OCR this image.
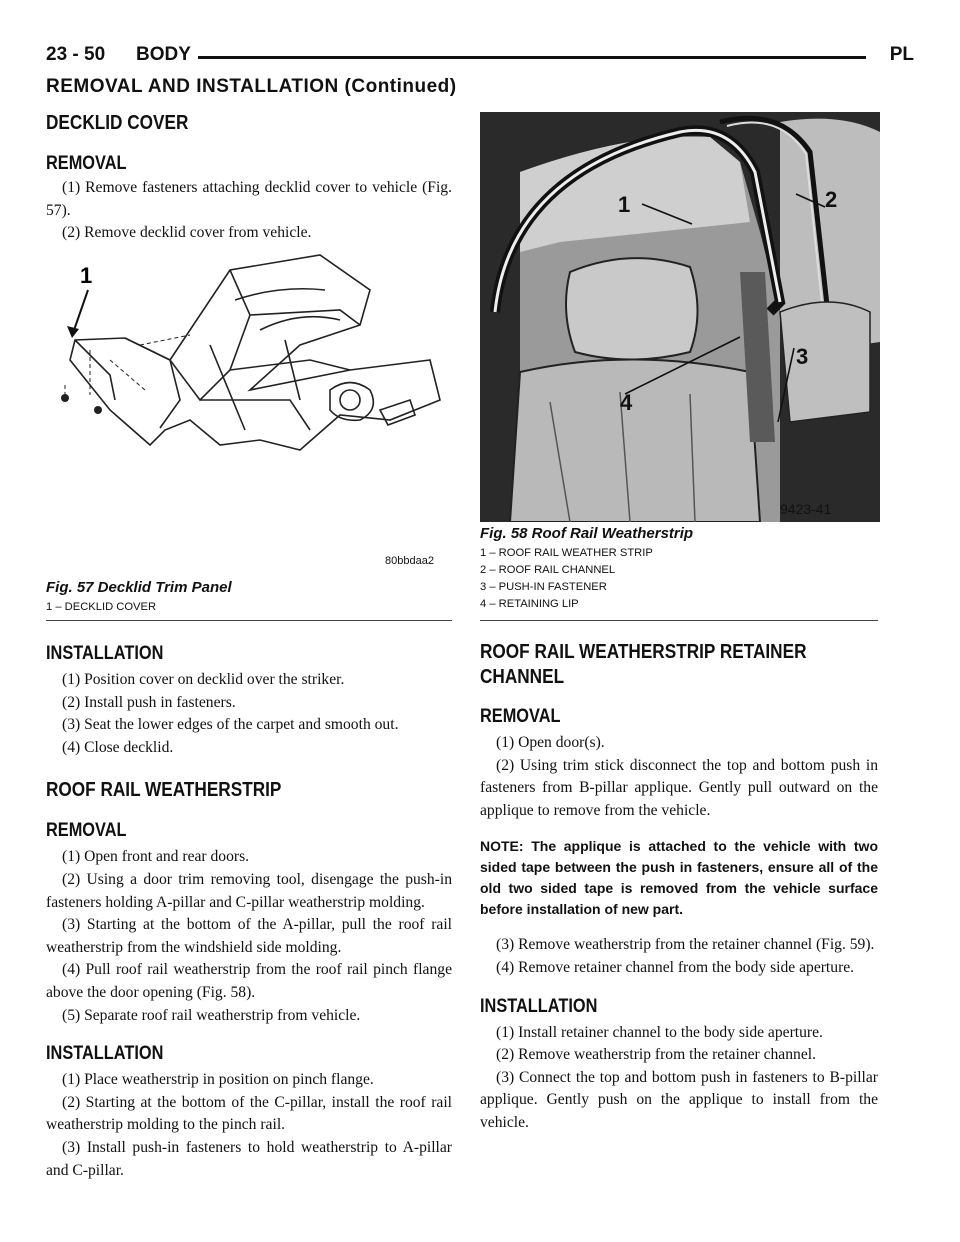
23 - 50 BODY	PL
REMOVAL AND INSTALLATION (Continued)
DECKLID COVER
REMOVAL

(1) Remove fasteners attaching decklid cover to vehicle (Fig. 57).

(2) Remove decklid cover from vehicle.

1
80bbdaa2
Fig. 57 Decklid Trim Panel
1 – DECKLID COVER
INSTALLATION

(1) Position cover on decklid over the striker.

(2) Install push in fasteners.

(3) Seat the lower edges of the carpet and smooth out.

(4) Close decklid.

ROOF RAIL WEATHERSTRIP
REMOVAL

(1) Open front and rear doors.

(2) Using a door trim removing tool, disengage the push-in fasteners holding A-pillar and C-pillar weatherstrip molding.

(3) Starting at the bottom of the A-pillar, pull the roof rail weatherstrip from the windshield side molding.

(4) Pull roof rail weatherstrip from the roof rail pinch flange above the door opening (Fig. 58).

(5) Separate roof rail weatherstrip from vehicle.

INSTALLATION

(1) Place weatherstrip in position on pinch flange.

(2) Starting at the bottom of the C-pillar, install the roof rail weatherstrip molding to the pinch rail.

(3) Install push-in fasteners to hold weatherstrip to A-pillar and C-pillar.

1	2
3
4
9423-41
Fig. 58 Roof Rail Weatherstrip
1 – ROOF RAIL WEATHER STRIP
2 – ROOF RAIL CHANNEL
3 – PUSH-IN FASTENER
4 – RETAINING LIP
ROOF RAIL WEATHERSTRIP RETAINER
CHANNEL
REMOVAL

(1) Open door(s).

(2) Using trim stick disconnect the top and bottom push in fasteners from B-pillar applique. Gently pull outward on the applique to remove from the vehicle.

NOTE: The applique is attached to the vehicle with two sided tape between the push in fasteners, ensure all of the old two sided tape is removed from the vehicle surface before installation of new part.

(3) Remove weatherstrip from the retainer channel (Fig. 59).

(4) Remove retainer channel from the body side aperture.

INSTALLATION

(1) Install retainer channel to the body side aperture.

(2) Remove weatherstrip from the retainer channel.

(3) Connect the top and bottom push in fasteners to B-pillar applique. Gently push on the applique to install from the vehicle.
